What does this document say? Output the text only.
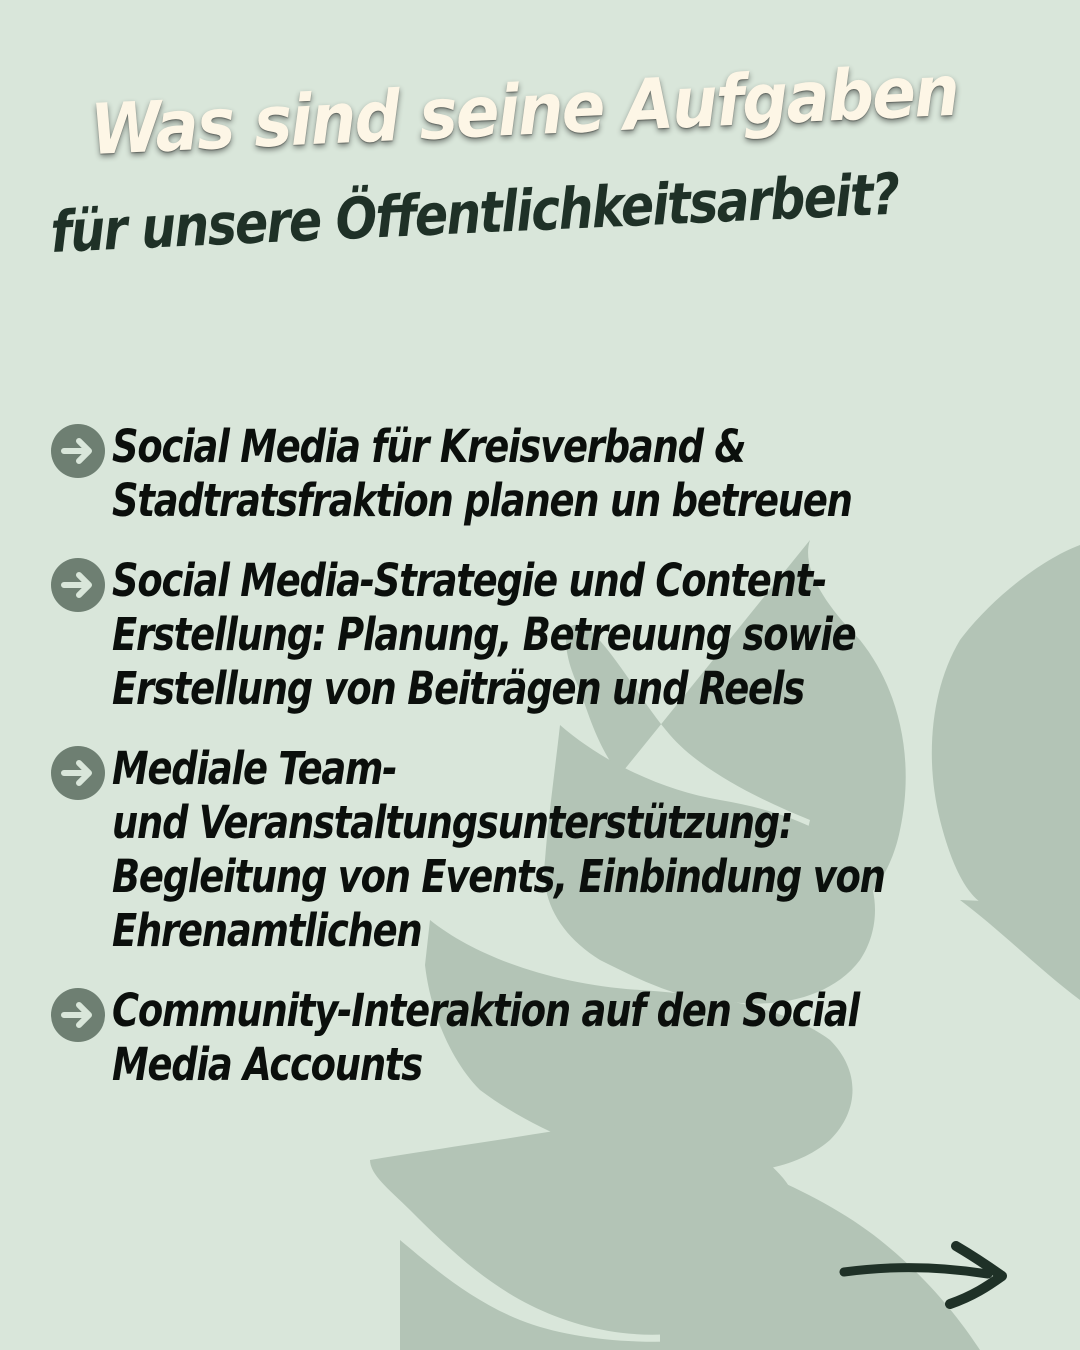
Was sind seine Aufgaben
für unsere Öffentlichkeitsarbeit?
Social Media für Kreisverband &
Stadtratsfraktion planen un betreuen
Social Media-Strategie und Content-
Erstellung: Planung, Betreuung sowie
Erstellung von Beiträgen und Reels
Mediale Team-
und Veranstaltungsunterstützung:
Begleitung von Events, Einbindung von
Ehrenamtlichen
Community-Interaktion auf den Social
Media Accounts
